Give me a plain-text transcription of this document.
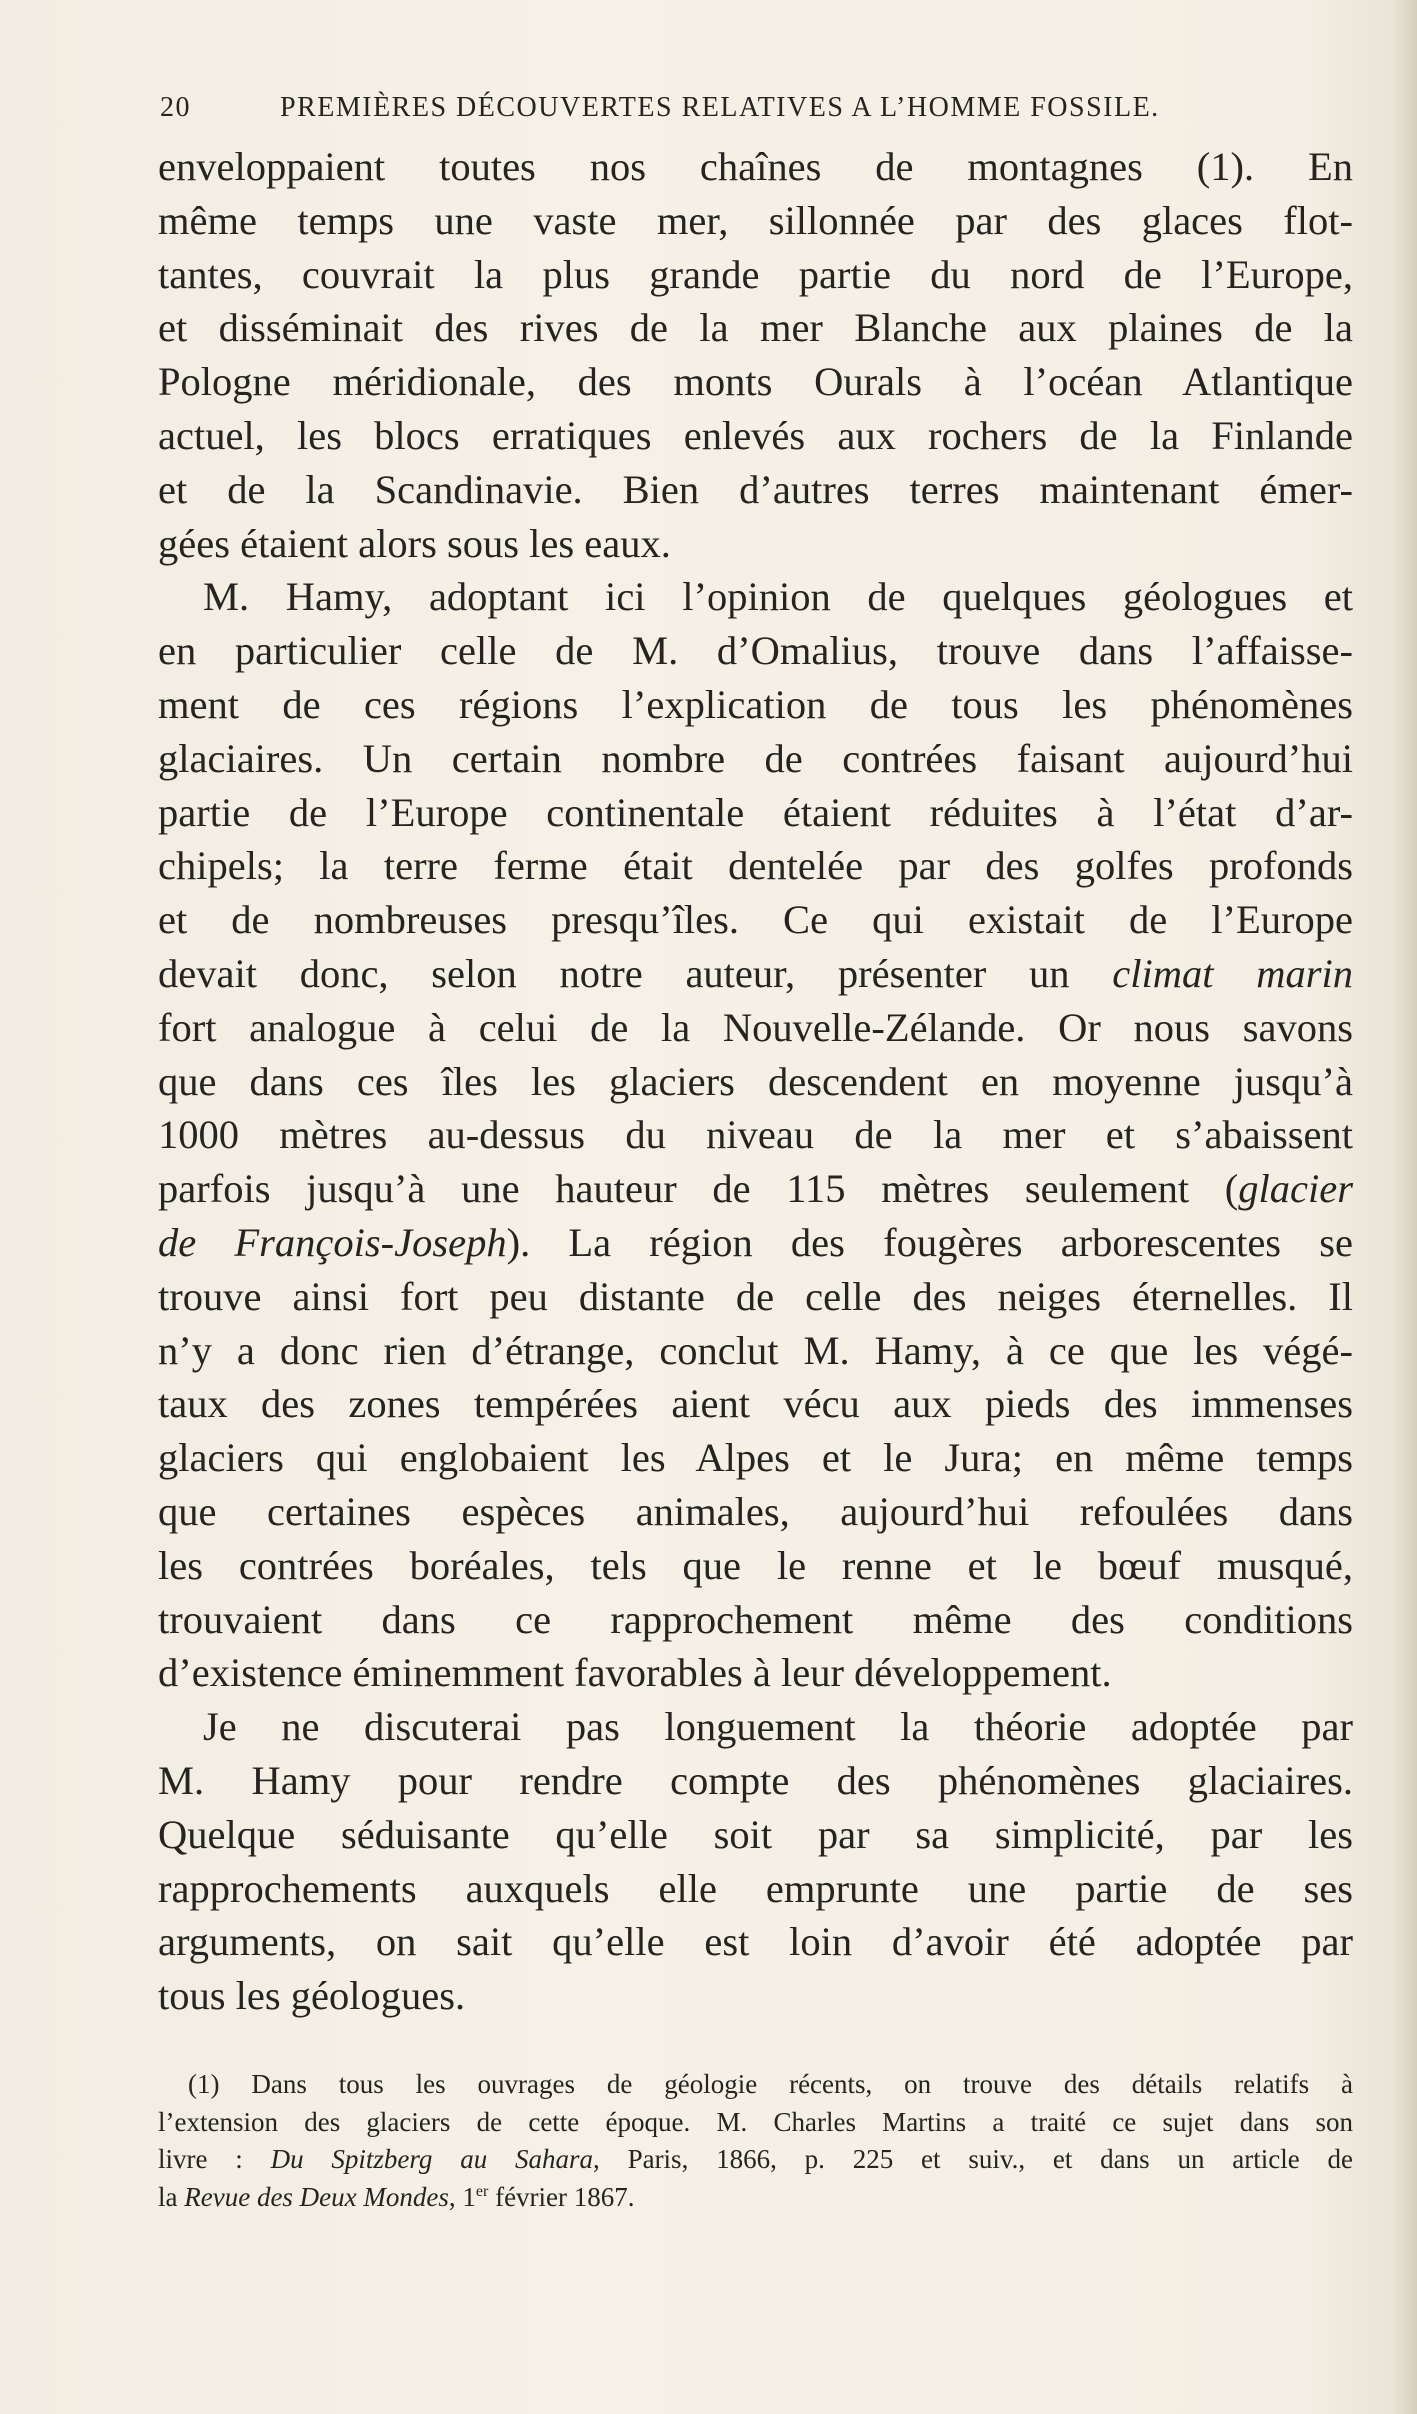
20	PREMIÈRES DÉCOUVERTES RELATIVES A L’HOMME FOSSILE.
enveloppaient toutes nos chaînes de montagnes (1). En
même temps une vaste mer, sillonnée par des glaces flot-
tantes, couvrait la plus grande partie du nord de l’Europe,
et disséminait des rives de la mer Blanche aux plaines de la
Pologne méridionale, des monts Ourals à l’océan Atlantique
actuel, les blocs erratiques enlevés aux rochers de la Finlande
et de la Scandinavie. Bien d’autres terres maintenant émer-
gées étaient alors sous les eaux.
M. Hamy, adoptant ici l’opinion de quelques géologues et
en particulier celle de M. d’Omalius, trouve dans l’affaisse-
ment de ces régions l’explication de tous les phénomènes
glaciaires. Un certain nombre de contrées faisant aujourd’hui
partie de l’Europe continentale étaient réduites à l’état d’ar-
chipels; la terre ferme était dentelée par des golfes profonds
et de nombreuses presqu’îles. Ce qui existait de l’Europe
devait donc, selon notre auteur, présenter un climat marin
fort analogue à celui de la Nouvelle-Zélande. Or nous savons
que dans ces îles les glaciers descendent en moyenne jusqu’à
1000 mètres au-dessus du niveau de la mer et s’abaissent
parfois jusqu’à une hauteur de 115 mètres seulement (glacier
de François-Joseph). La région des fougères arborescentes se
trouve ainsi fort peu distante de celle des neiges éternelles. Il
n’y a donc rien d’étrange, conclut M. Hamy, à ce que les végé-
taux des zones tempérées aient vécu aux pieds des immenses
glaciers qui englobaient les Alpes et le Jura; en même temps
que certaines espèces animales, aujourd’hui refoulées dans
les contrées boréales, tels que le renne et le bœuf musqué,
trouvaient dans ce rapprochement même des conditions
d’existence éminemment favorables à leur développement.
Je ne discuterai pas longuement la théorie adoptée par
M. Hamy pour rendre compte des phénomènes glaciaires.
Quelque séduisante qu’elle soit par sa simplicité, par les
rapprochements auxquels elle emprunte une partie de ses
arguments, on sait qu’elle est loin d’avoir été adoptée par
tous les géologues.
(1) Dans tous les ouvrages de géologie récents, on trouve des détails relatifs à
l’extension des glaciers de cette époque. M. Charles Martins a traité ce sujet dans son
livre : Du Spitzberg au Sahara, Paris, 1866, p. 225 et suiv., et dans un article de
la Revue des Deux Mondes, 1er février 1867.
